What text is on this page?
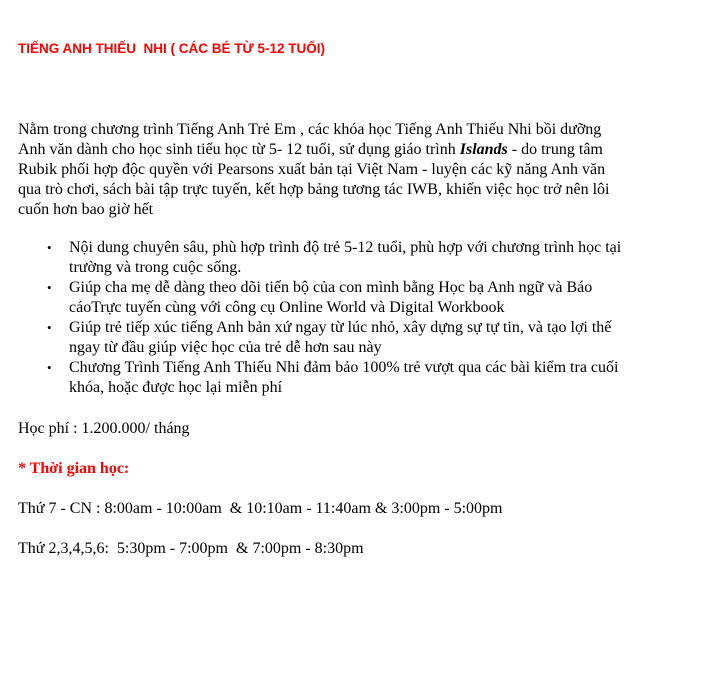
TIẾNG ANH THIẾU  NHI ( CÁC BÉ TỪ 5-12 TUỔI)

Nằm trong chương trình Tiếng Anh Trẻ Em , các khóa học Tiếng Anh Thiếu Nhi bồi dưỡng
Anh văn dành cho học sinh tiểu học từ 5- 12 tuổi, sử dụng giáo trình Islands - do trung tâm
Rubik phối hợp độc quyền với Pearsons xuất bản tại Việt Nam - luyện các kỹ năng Anh văn
qua trò chơi, sách bài tập trực tuyến, kết hợp bảng tương tác IWB, khiến việc học trở nên lôi
cuốn hơn bao giờ hết

• Nội dung chuyên sâu, phù hợp trình độ trẻ 5-12 tuổi, phù hợp với chương trình học tại
trường và trong cuộc sống.
• Giúp cha mẹ dễ dàng theo dõi tiến bộ của con mình bằng Học bạ Anh ngữ và Báo
cáoTrực tuyến cùng với công cụ Online World và Digital Workbook
• Giúp trẻ tiếp xúc tiếng Anh bản xứ ngay từ lúc nhỏ, xây dựng sự tự tin, và tạo lợi thế
ngay từ đầu giúp việc học của trẻ dễ hơn sau này
• Chương Trình Tiếng Anh Thiếu Nhi đảm bảo 100% trẻ vượt qua các bài kiểm tra cuối
khóa, hoặc được học lại miễn phí

Học phí : 1.200.000/ tháng

* Thời gian học:

Thứ 7 - CN : 8:00am - 10:00am  & 10:10am - 11:40am & 3:00pm - 5:00pm

Thứ 2,3,4,5,6:  5:30pm - 7:00pm  & 7:00pm - 8:30pm
